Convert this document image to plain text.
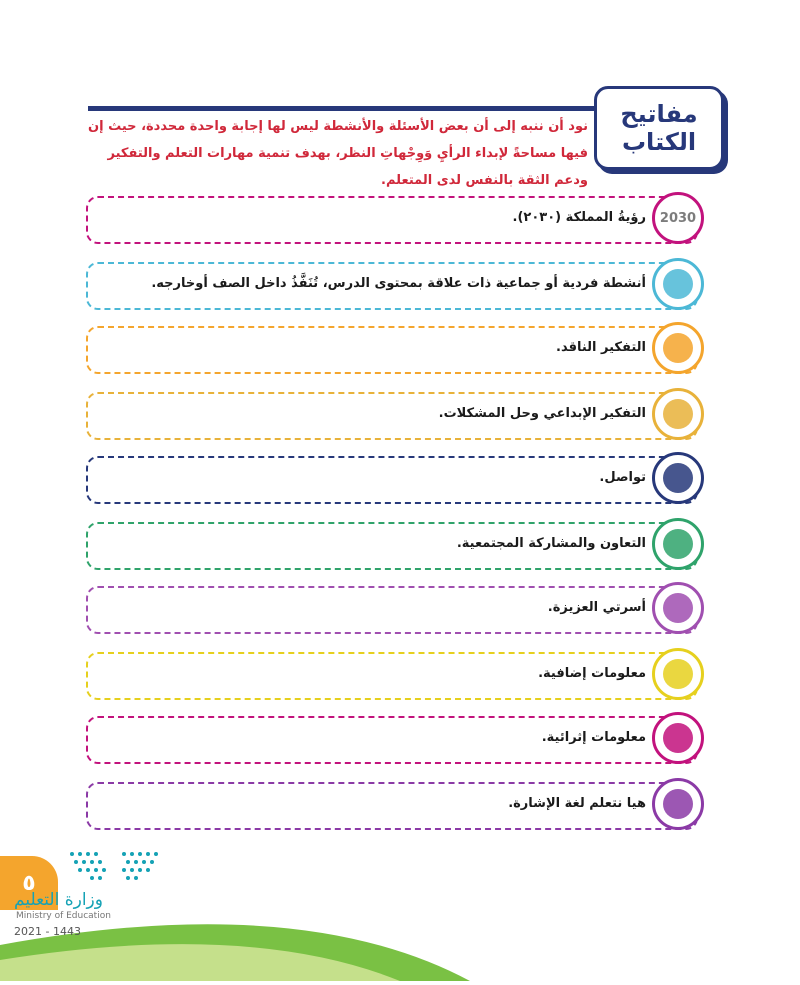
مفاتيح
الكتاب
نود أن ننبه إلى أن بعض الأسئلة والأنشطة ليس لها إجابة واحدة محددة، حيث إن فيها مساحةً لإبداء الرأيِ وَوِجْهاتِ النظر، بهدف تنمية مهارات التعلم والتفكير ودعم الثقة بالنفس لدى المتعلم.
2030
رؤيةُ المملكة (٢٠٣٠).
أنشطة فردية أو جماعية ذات علاقة بمحتوى الدرس، تُنَفَّذُ داخل الصف أوخارجه.
التفكير الناقد.
التفكير الإبداعي وحل المشكلات.
تواصل.
التعاون والمشاركة المجتمعية.
أسرتي العزيزة.
معلومات إضافية.
معلومات إثرائية.
هيا نتعلم لغة الإشارة.
٥
وزارة التعليم
Ministry of Education
2021 - 1443
